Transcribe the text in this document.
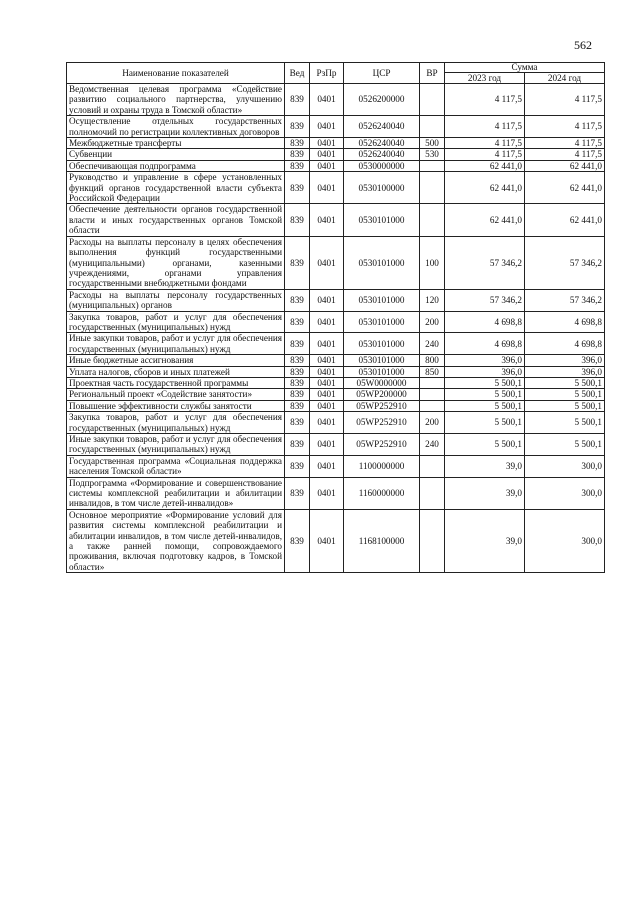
562
Наименование показателей	Вед	РзПр	ЦСР	ВР	Сумма	
					2023 год	2024 год
Ведомственная целевая программа «Содействие развитию социального партнерства, улучшению условий и охраны труда в Томской области»	839	0401	0526200000		4 117,5	4 117,5
Осуществление отдельных государственных полномочий по регистрации коллективных договоров	839	0401	0526240040		4 117,5	4 117,5
Межбюджетные трансферты	839	0401	0526240040	500	4 117,5	4 117,5
Субвенции	839	0401	0526240040	530	4 117,5	4 117,5
Обеспечивающая подпрограмма	839	0401	0530000000		62 441,0	62 441,0
Руководство и управление в сфере установленных функций органов государственной власти субъекта Российской Федерации	839	0401	0530100000		62 441,0	62 441,0
Обеспечение деятельности органов государственной власти и иных государственных органов Томской области	839	0401	0530101000		62 441,0	62 441,0
Расходы на выплаты персоналу в целях обеспечения выполнения функций государственными (муниципальными) органами, казенными учреждениями, органами управления государственными внебюджетными фондами	839	0401	0530101000	100	57 346,2	57 346,2
Расходы на выплаты персоналу государственных (муниципальных) органов	839	0401	0530101000	120	57 346,2	57 346,2
Закупка товаров, работ и услуг для обеспечения государственных (муниципальных) нужд	839	0401	0530101000	200	4 698,8	4 698,8
Иные закупки товаров, работ и услуг для обеспечения государственных (муниципальных) нужд	839	0401	0530101000	240	4 698,8	4 698,8
Иные бюджетные ассигнования	839	0401	0530101000	800	396,0	396,0
Уплата налогов, сборов и иных платежей	839	0401	0530101000	850	396,0	396,0
Проектная часть государственной программы	839	0401	05W0000000		5 500,1	5 500,1
Региональный проект «Содействие занятости»	839	0401	05WP200000		5 500,1	5 500,1
Повышение эффективности службы занятости	839	0401	05WP252910		5 500,1	5 500,1
Закупка товаров, работ и услуг для обеспечения государственных (муниципальных) нужд	839	0401	05WP252910	200	5 500,1	5 500,1
Иные закупки товаров, работ и услуг для обеспечения государственных (муниципальных) нужд	839	0401	05WP252910	240	5 500,1	5 500,1
Государственная программа «Социальная поддержка населения Томской области»	839	0401	1100000000		39,0	300,0
Подпрограмма «Формирование и совершенствование системы комплексной реабилитации и абилитации инвалидов, в том числе детей-инвалидов»	839	0401	1160000000		39,0	300,0
Основное мероприятие «Формирование условий для развития системы комплексной реабилитации и абилитации инвалидов, в том числе детей-инвалидов, а также ранней помощи, сопровождаемого проживания, включая подготовку кадров, в Томской области»	839	0401	1168100000		39,0	300,0
